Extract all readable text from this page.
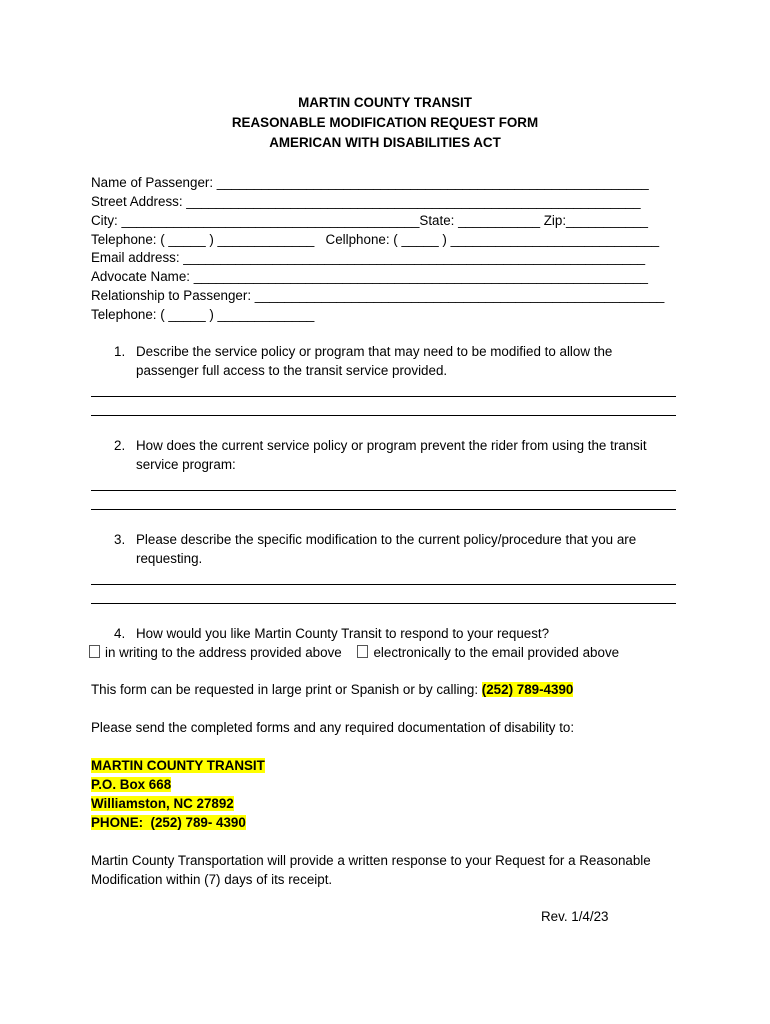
MARTIN COUNTY TRANSIT
REASONABLE MODIFICATION REQUEST FORM
AMERICAN WITH DISABILITIES ACT
Name of Passenger: __________________________________________________________
Street Address: _____________________________________________________________
City: ________________________________________State: ___________ Zip:___________
Telephone: ( _____ ) _____________   Cellphone: ( _____ ) ____________________________
Email address: ______________________________________________________________
Advocate Name: _____________________________________________________________
Relationship to Passenger: _______________________________________________________
Telephone: ( _____ ) _____________
1. Describe the service policy or program that may need to be modified to allow the passenger full access to the transit service provided.
2. How does the current service policy or program prevent the rider from using the transit service program:
3. Please describe the specific modification to the current policy/procedure that you are requesting.
4. How would you like Martin County Transit to respond to your request?
in writing to the address provided above electronically to the email provided above
This form can be requested in large print or Spanish or by calling: (252) 789-4390
Please send the completed forms and any required documentation of disability to:
MARTIN COUNTY TRANSIT
P.O. Box 668
Williamston, NC 27892
PHONE:  (252) 789- 4390
Martin County Transportation will provide a written response to your Request for a Reasonable Modification within (7) days of its receipt.
Rev. 1/4/23
